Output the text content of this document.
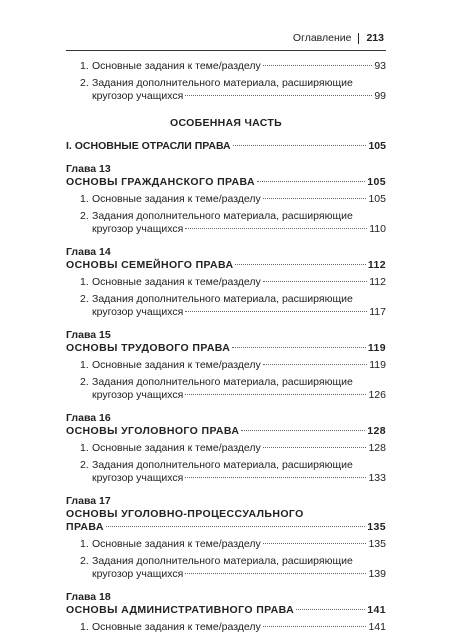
Оглавление 213
1. Основные задания к теме/разделу	93
2. Задания дополнительного материала, расширяющие
кругозор учащихся	99
ОСОБЕННАЯ ЧАСТЬ
I. ОСНОВНЫЕ ОТРАСЛИ ПРАВА	105
Глава 13
ОСНОВЫ ГРАЖДАНСКОГО ПРАВА	105
1. Основные задания к теме/разделу	105
2. Задания дополнительного материала, расширяющие
кругозор учащихся	110
Глава 14
ОСНОВЫ СЕМЕЙНОГО ПРАВА	112
1. Основные задания к теме/разделу	112
2. Задания дополнительного материала, расширяющие
кругозор учащихся	117
Глава 15
ОСНОВЫ ТРУДОВОГО ПРАВА	119
1. Основные задания к теме/разделу	119
2. Задания дополнительного материала, расширяющие
кругозор учащихся	126
Глава 16
ОСНОВЫ УГОЛОВНОГО ПРАВА	128
1. Основные задания к теме/разделу	128
2. Задания дополнительного материала, расширяющие
кругозор учащихся	133
Глава 17
ОСНОВЫ УГОЛОВНО-ПРОЦЕССУАЛЬНОГО
ПРАВА	135
1. Основные задания к теме/разделу	135
2. Задания дополнительного материала, расширяющие
кругозор учащихся	139
Глава 18
ОСНОВЫ АДМИНИСТРАТИВНОГО ПРАВА	141
1. Основные задания к теме/разделу	141
